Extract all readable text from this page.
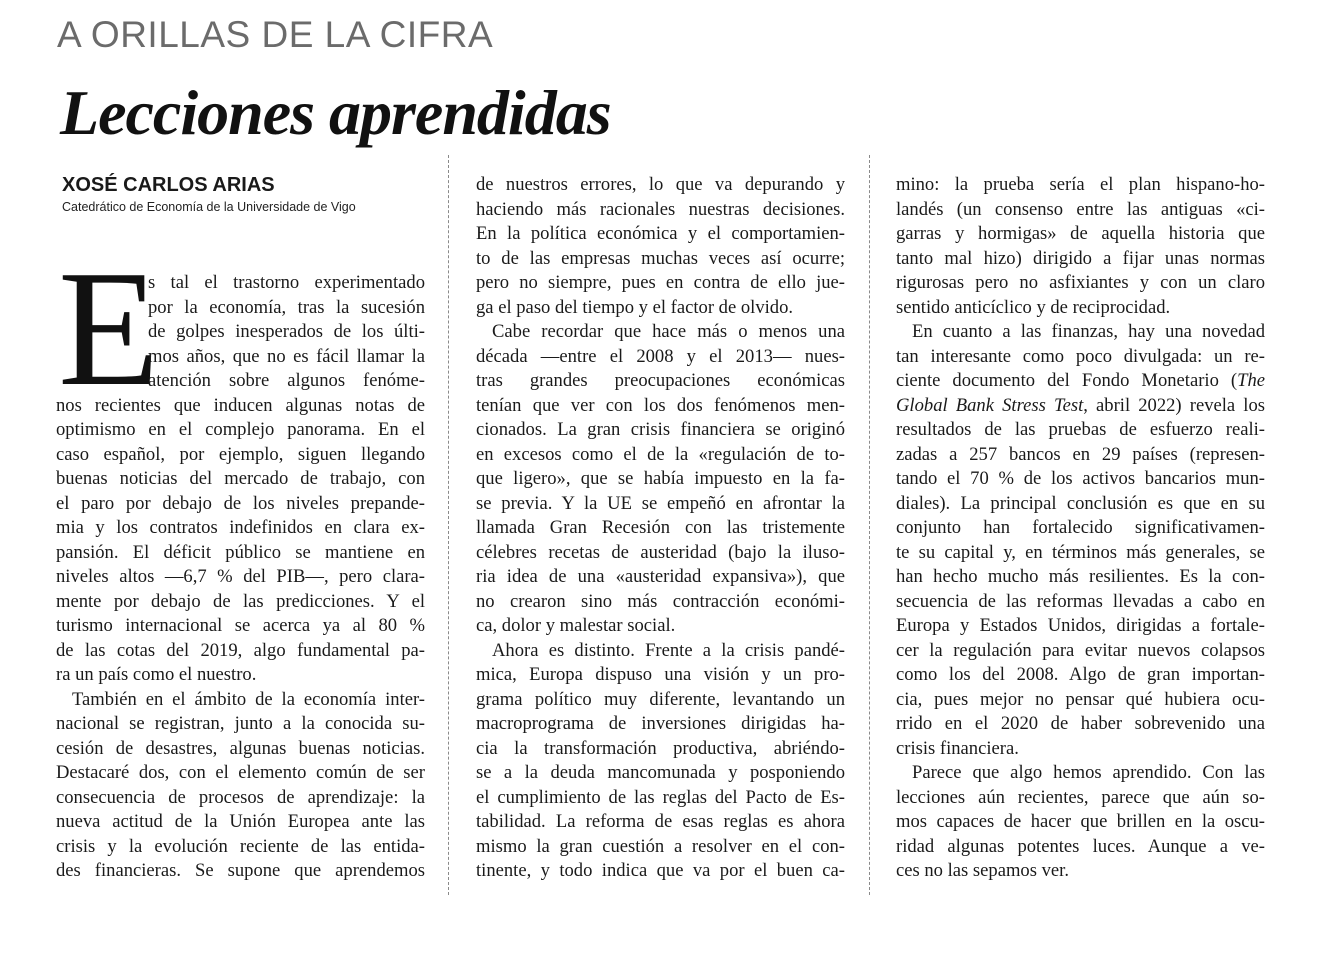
A ORILLAS DE LA CIFRA
Lecciones aprendidas
XOSÉ CARLOS ARIAS
Catedrático de Economía de la Universidade de Vigo
E
s tal el trastorno experimentado
por la economía, tras la sucesión
de golpes inesperados de los últi-
mos años, que no es fácil llamar la
atención sobre algunos fenóme-
nos recientes que inducen algunas notas de
optimismo en el complejo panorama. En el
caso español, por ejemplo, siguen llegando
buenas noticias del mercado de trabajo, con
el paro por debajo de los niveles prepande-
mia y los contratos indefinidos en clara ex-
pansión. El déficit público se mantiene en
niveles altos —6,7 % del PIB—, pero clara-
mente por debajo de las predicciones. Y el
turismo internacional se acerca ya al 80 %
de las cotas del 2019, algo fundamental pa-
ra un país como el nuestro.
También en el ámbito de la economía inter-
nacional se registran, junto a la conocida su-
cesión de desastres, algunas buenas noticias.
Destacaré dos, con el elemento común de ser
consecuencia de procesos de aprendizaje: la
nueva actitud de la Unión Europea ante las
crisis y la evolución reciente de las entida-
des financieras. Se supone que aprendemos
de nuestros errores, lo que va depurando y
haciendo más racionales nuestras decisiones.
En la política económica y el comportamien-
to de las empresas muchas veces así ocurre;
pero no siempre, pues en contra de ello jue-
ga el paso del tiempo y el factor de olvido.
Cabe recordar que hace más o menos una
década —entre el 2008 y el 2013— nues-
tras grandes preocupaciones económicas
tenían que ver con los dos fenómenos men-
cionados. La gran crisis financiera se originó
en excesos como el de la «regulación de to-
que ligero», que se había impuesto en la fa-
se previa. Y la UE se empeñó en afrontar la
llamada Gran Recesión con las tristemente
célebres recetas de austeridad (bajo la iluso-
ria idea de una «austeridad expansiva»), que
no crearon sino más contracción económi-
ca, dolor y malestar social.
Ahora es distinto. Frente a la crisis pandé-
mica, Europa dispuso una visión y un pro-
grama político muy diferente, levantando un
macroprograma de inversiones dirigidas ha-
cia la transformación productiva, abriéndo-
se a la deuda mancomunada y posponiendo
el cumplimiento de las reglas del Pacto de Es-
tabilidad. La reforma de esas reglas es ahora
mismo la gran cuestión a resolver en el con-
tinente, y todo indica que va por el buen ca-
mino: la prueba sería el plan hispano-ho-
landés (un consenso entre las antiguas «ci-
garras y hormigas» de aquella historia que
tanto mal hizo) dirigido a fijar unas normas
rigurosas pero no asfixiantes y con un claro
sentido anticíclico y de reciprocidad.
En cuanto a las finanzas, hay una novedad
tan interesante como poco divulgada: un re-
ciente documento del Fondo Monetario (The
Global Bank Stress Test, abril 2022) revela los
resultados de las pruebas de esfuerzo reali-
zadas a 257 bancos en 29 países (represen-
tando el 70 % de los activos bancarios mun-
diales). La principal conclusión es que en su
conjunto han fortalecido significativamen-
te su capital y, en términos más generales, se
han hecho mucho más resilientes. Es la con-
secuencia de las reformas llevadas a cabo en
Europa y Estados Unidos, dirigidas a fortale-
cer la regulación para evitar nuevos colapsos
como los del 2008. Algo de gran importan-
cia, pues mejor no pensar qué hubiera ocu-
rrido en el 2020 de haber sobrevenido una
crisis financiera.
Parece que algo hemos aprendido. Con las
lecciones aún recientes, parece que aún so-
mos capaces de hacer que brillen en la oscu-
ridad algunas potentes luces. Aunque a ve-
ces no las sepamos ver.
